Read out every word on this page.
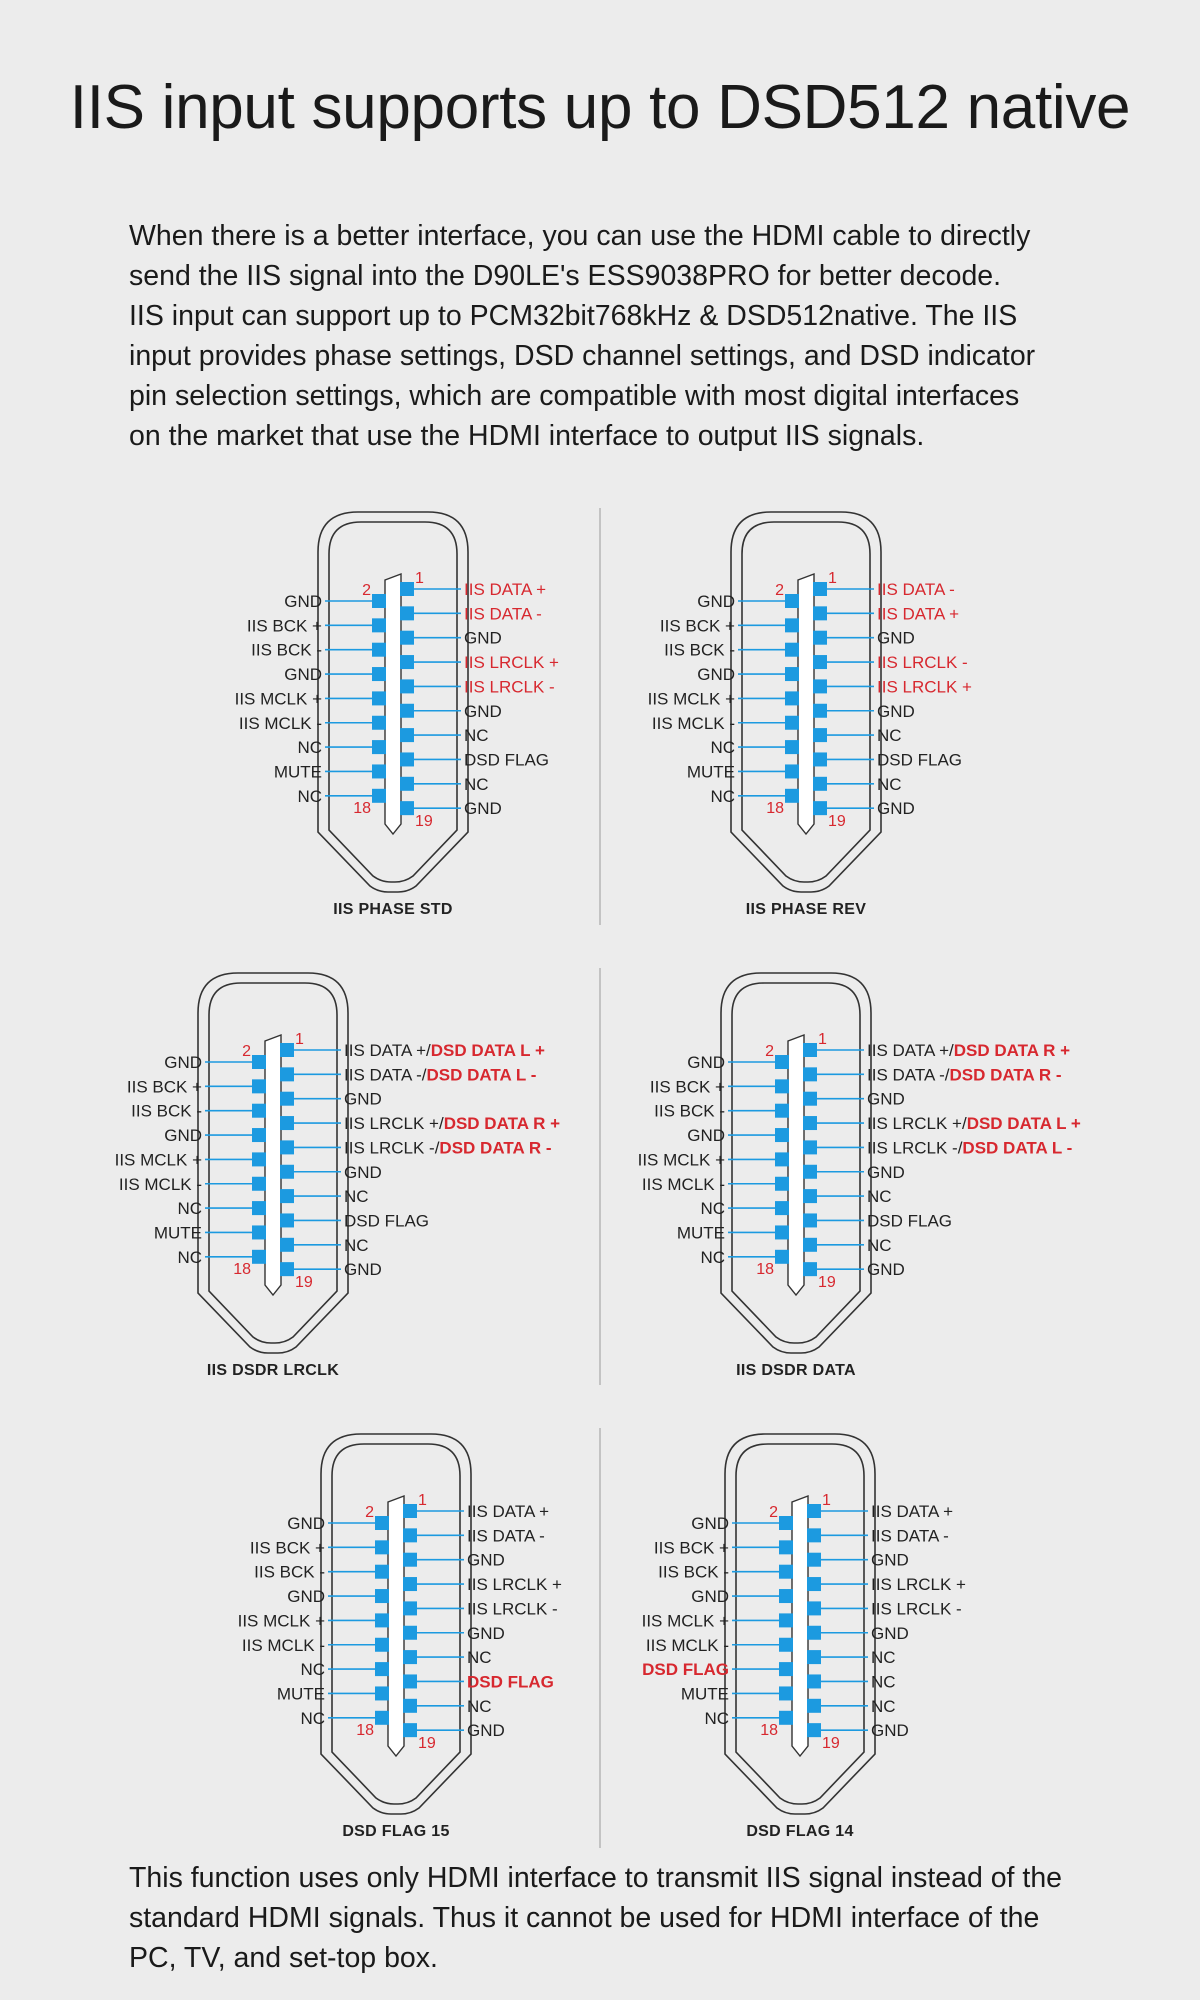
IIS input supports up to DSD512 native
When there is a better interface, you can use the HDMI cable to directly
send the IIS signal into the D90LE's ESS9038PRO for better decode.
IIS input can support up to PCM32bit768kHz & DSD512native. The IIS
input provides phase settings, DSD channel settings, and DSD indicator
pin selection settings, which are compatible with most digital interfaces
on the market that use the HDMI interface to output IIS signals.
2
1
18
19
IIS DATA +
IIS DATA -
GND
IIS LRCLK +
IIS LRCLK -
GND
NC
DSD FLAG
NC
GND
GND
IIS BCK +
IIS BCK -
GND
IIS MCLK +
IIS MCLK -
NC
MUTE
NC
IIS PHASE STD
2
1
18
19
IIS DATA -
IIS DATA +
GND
IIS LRCLK -
IIS LRCLK +
GND
NC
DSD FLAG
NC
GND
GND
IIS BCK +
IIS BCK -
GND
IIS MCLK +
IIS MCLK -
NC
MUTE
NC
IIS PHASE REV
2
1
18
19
IIS DATA +/DSD DATA L +
IIS DATA -/DSD DATA L -
GND
IIS LRCLK +/DSD DATA R +
IIS LRCLK -/DSD DATA R -
GND
NC
DSD FLAG
NC
GND
GND
IIS BCK +
IIS BCK -
GND
IIS MCLK +
IIS MCLK -
NC
MUTE
NC
IIS DSDR LRCLK
2
1
18
19
IIS DATA +/DSD DATA R +
IIS DATA -/DSD DATA R -
GND
IIS LRCLK +/DSD DATA L +
IIS LRCLK -/DSD DATA L -
GND
NC
DSD FLAG
NC
GND
GND
IIS BCK +
IIS BCK -
GND
IIS MCLK +
IIS MCLK -
NC
MUTE
NC
IIS DSDR DATA
2
1
18
19
IIS DATA +
IIS DATA -
GND
IIS LRCLK +
IIS LRCLK -
GND
NC
DSD FLAG
NC
GND
GND
IIS BCK +
IIS BCK -
GND
IIS MCLK +
IIS MCLK -
NC
MUTE
NC
DSD FLAG 15
2
1
18
19
IIS DATA +
IIS DATA -
GND
IIS LRCLK +
IIS LRCLK -
GND
NC
NC
NC
GND
GND
IIS BCK +
IIS BCK -
GND
IIS MCLK +
IIS MCLK -
DSD FLAG
MUTE
NC
DSD FLAG 14
This function uses only HDMI interface to transmit IIS signal instead of the
standard HDMI signals. Thus it cannot be used for HDMI interface of the
PC, TV, and set-top box.
